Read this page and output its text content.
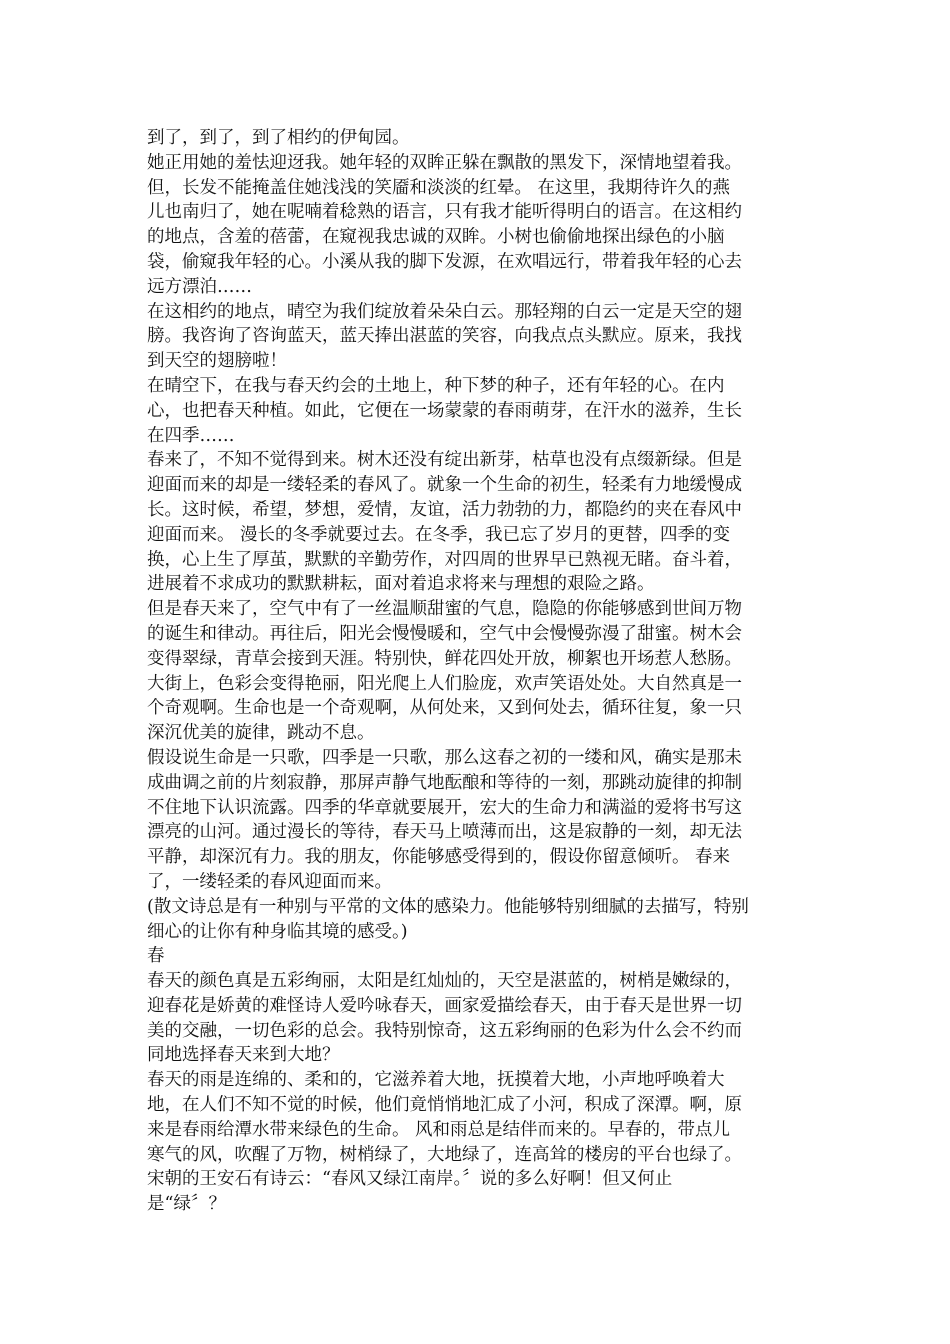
到了，到了，到了相约的伊甸园。
她正用她的羞怯迎迓我。她年轻的双眸正躲在飘散的黑发下，深情地望着我。
但，长发不能掩盖住她浅浅的笑靥和淡淡的红晕。 在这里，我期待许久的燕
儿也南归了，她在呢喃着稔熟的语言，只有我才能听得明白的语言。在这相约
的地点，含羞的蓓蕾，在窥视我忠诚的双眸。小树也偷偷地探出绿色的小脑
袋，偷窥我年轻的心。小溪从我的脚下发源，在欢唱远行，带着我年轻的心去
远方漂泊……
在这相约的地点，晴空为我们绽放着朵朵白云。那轻翔的白云一定是天空的翅
膀。我咨询了咨询蓝天，蓝天捧出湛蓝的笑容，向我点点头默应。原来，我找
到天空的翅膀啦！
在晴空下，在我与春天约会的土地上，种下梦的种子，还有年轻的心。在内
心，也把春天种植。如此，它便在一场蒙蒙的春雨萌芽，在汗水的滋养，生长
在四季……
春来了，不知不觉得到来。树木还没有绽出新芽，枯草也没有点缀新绿。但是
迎面而来的却是一缕轻柔的春风了。就象一个生命的初生，轻柔有力地缓慢成
长。这时候，希望，梦想，爱情，友谊，活力勃勃的力，都隐约的夹在春风中
迎面而来。 漫长的冬季就要过去。在冬季，我已忘了岁月的更替，四季的变
换，心上生了厚茧，默默的辛勤劳作，对四周的世界早已熟视无睹。奋斗着，
进展着不求成功的默默耕耘，面对着追求将来与理想的艰险之路。
但是春天来了，空气中有了一丝温顺甜蜜的气息，隐隐的你能够感到世间万物
的诞生和律动。再往后，阳光会慢慢暖和，空气中会慢慢弥漫了甜蜜。树木会
变得翠绿，青草会接到天涯。特别快，鲜花四处开放，柳絮也开场惹人愁肠。
大街上，色彩会变得艳丽，阳光爬上人们脸庞，欢声笑语处处。大自然真是一
个奇观啊。生命也是一个奇观啊，从何处来，又到何处去，循环往复，象一只
深沉优美的旋律，跳动不息。
假设说生命是一只歌，四季是一只歌，那么这春之初的一缕和风，确实是那未
成曲调之前的片刻寂静，那屏声静气地酝酿和等待的一刻，那跳动旋律的抑制
不住地下认识流露。四季的华章就要展开，宏大的生命力和满溢的爱将书写这
漂亮的山河。通过漫长的等待，春天马上喷薄而出，这是寂静的一刻，却无法
平静，却深沉有力。我的朋友，你能够感受得到的，假设你留意倾听。 春来
了，一缕轻柔的春风迎面而来。
(散文诗总是有一种别与平常的文体的感染力。他能够特别细腻的去描写，特别
细心的让你有种身临其境的感受。)
春
春天的颜色真是五彩绚丽，太阳是红灿灿的，天空是湛蓝的，树梢是嫩绿的，
迎春花是娇黄的难怪诗人爱吟咏春天，画家爱描绘春天，由于春天是世界一切
美的交融，一切色彩的总会。我特别惊奇，这五彩绚丽的色彩为什么会不约而
同地选择春天来到大地？
春天的雨是连绵的、柔和的，它滋养着大地，抚摸着大地，小声地呼唤着大
地，在人们不知不觉的时候，他们竟悄悄地汇成了小河，积成了深潭。啊，原
来是春雨给潭水带来绿色的生命。 风和雨总是结伴而来的。早春的，带点儿
寒气的风，吹醒了万物，树梢绿了，大地绿了，连高耸的楼房的平台也绿了。
宋朝的王安石有诗云：“春风又绿江南岸。〞说的多么好啊！但又何止
是“绿〞？
